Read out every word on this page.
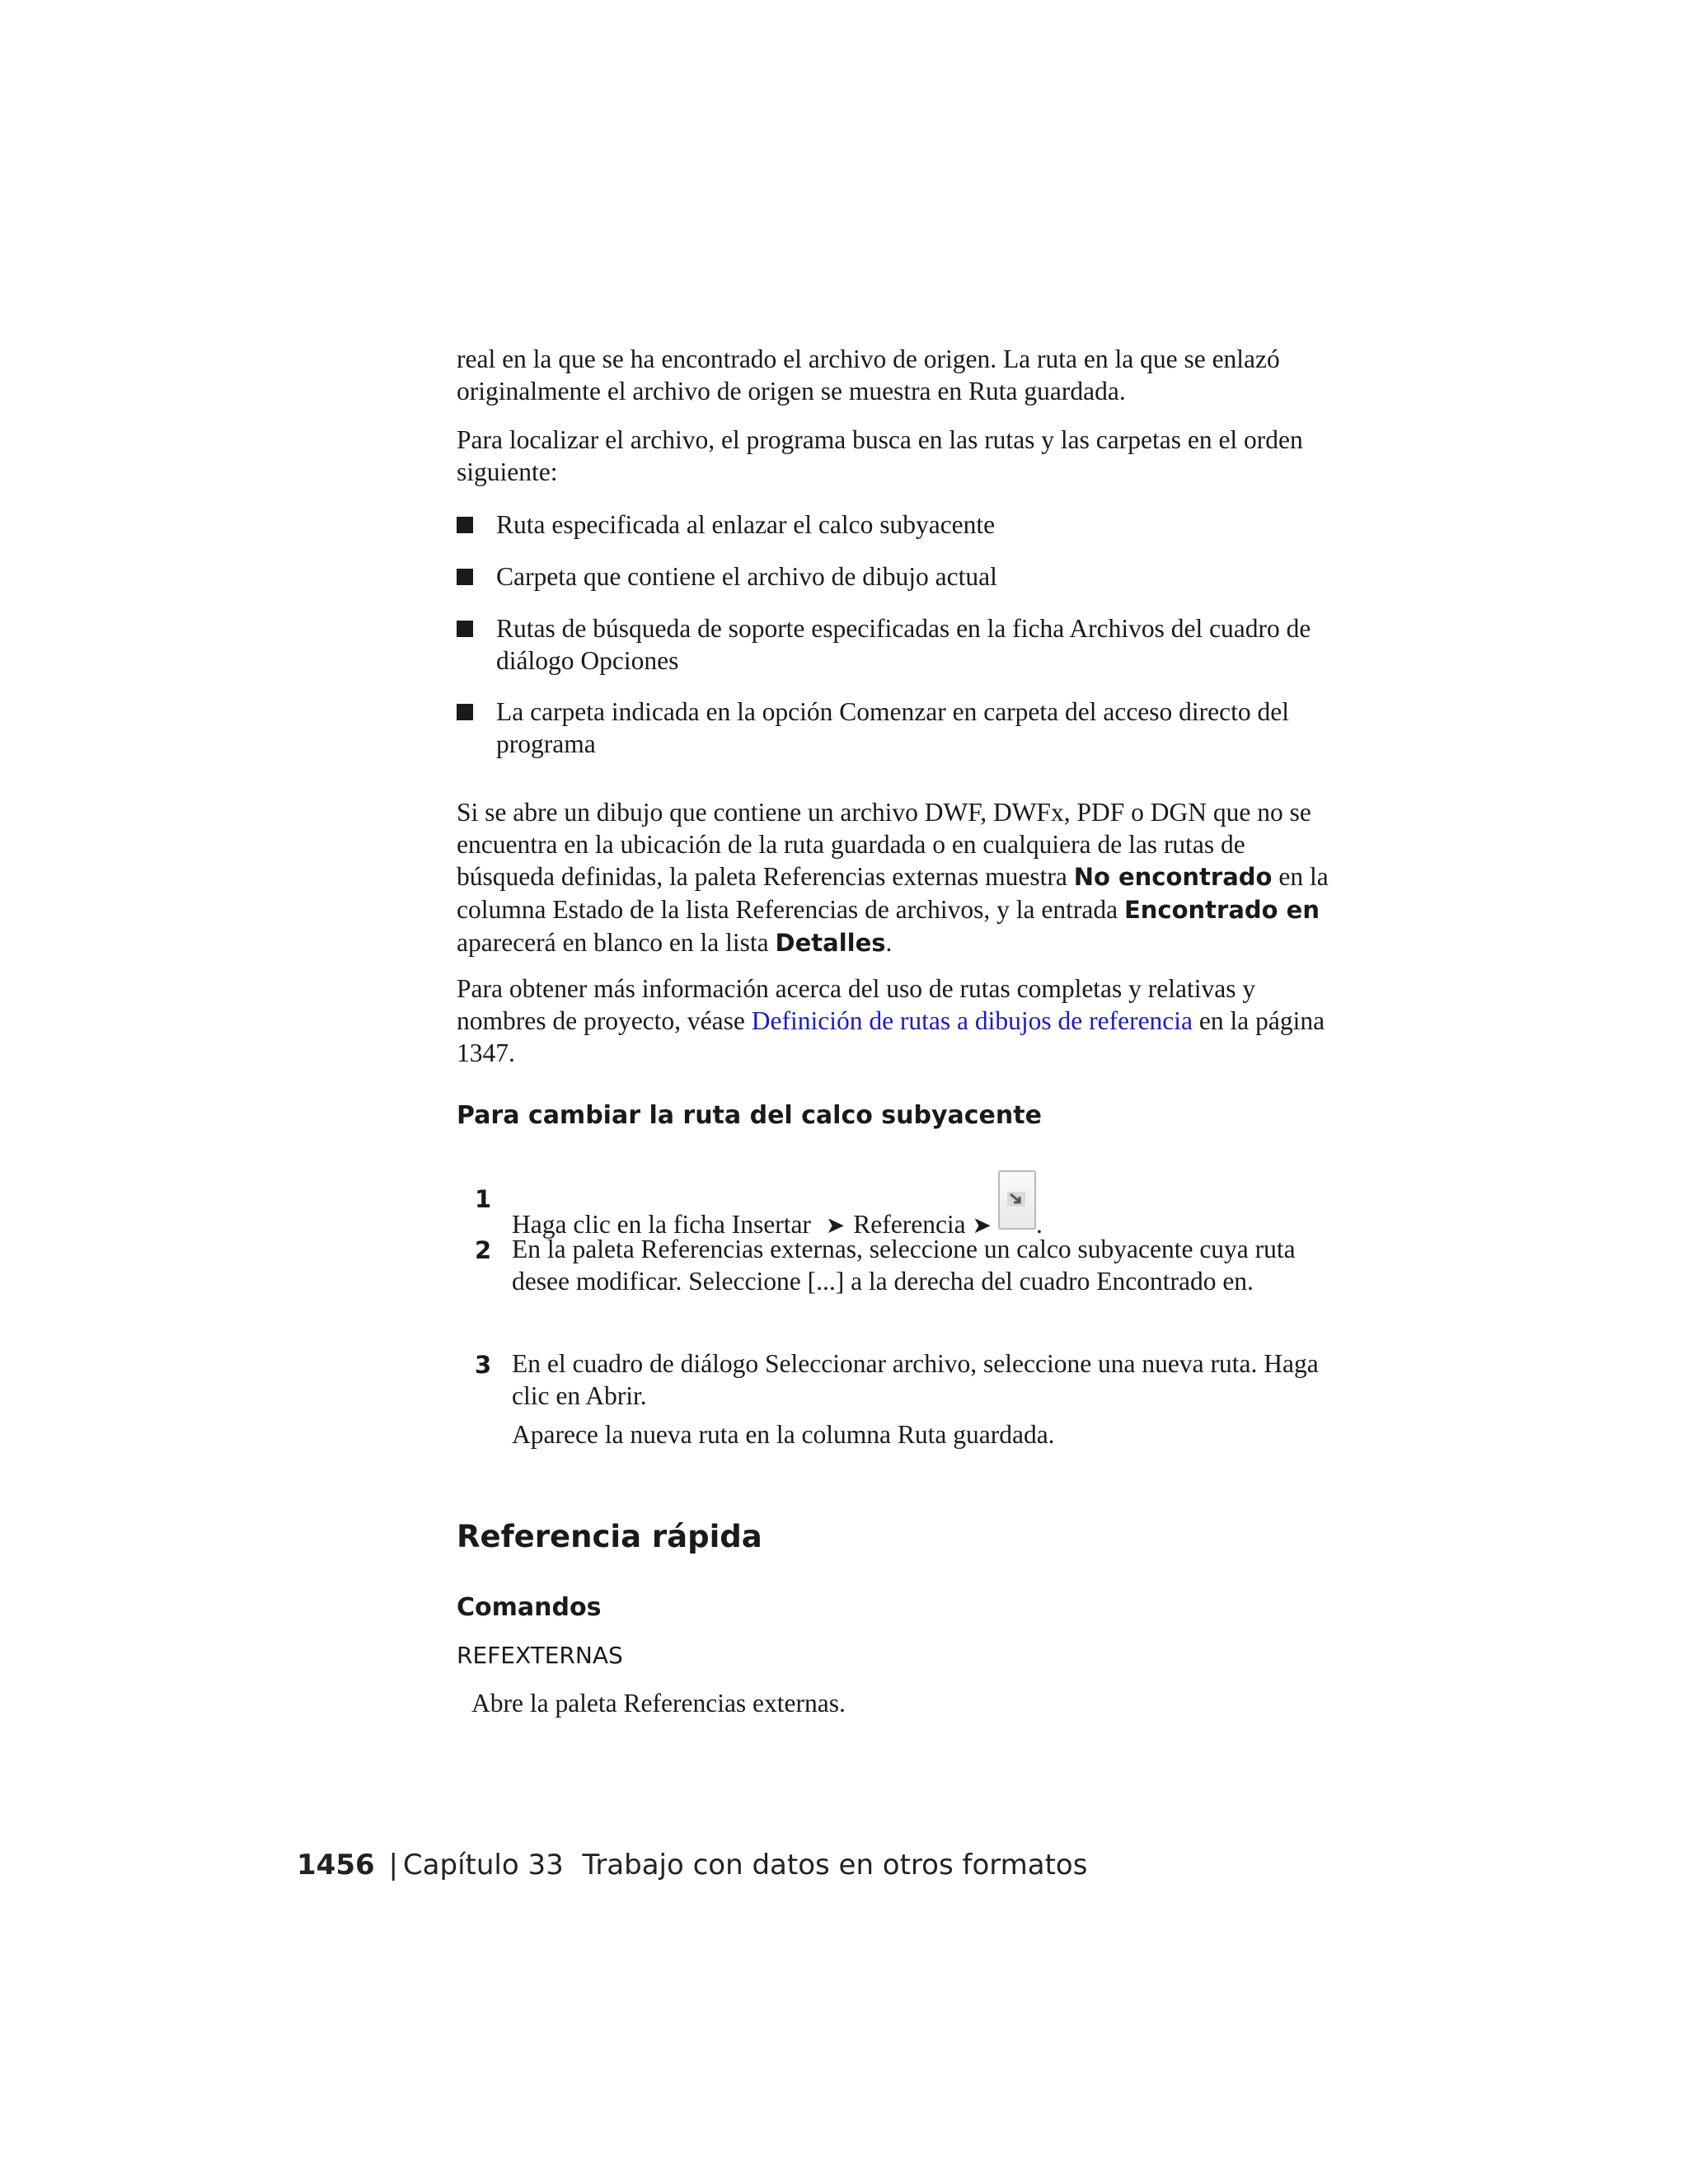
real en la que se ha encontrado el archivo de origen. La ruta en la que se enlazó originalmente el archivo de origen se muestra en Ruta guardada.

Para localizar el archivo, el programa busca en las rutas y las carpetas en el orden siguiente:

Ruta especificada al enlazar el calco subyacente
Carpeta que contiene el archivo de dibujo actual
Rutas de búsqueda de soporte especificadas en la ficha Archivos del cuadro de diálogo Opciones
La carpeta indicada en la opción Comenzar en carpeta del acceso directo del programa

Si se abre un dibujo que contiene un archivo DWF, DWFx, PDF o DGN que no se encuentra en la ubicación de la ruta guardada o en cualquiera de las rutas de búsqueda definidas, la paleta Referencias externas muestra No encontrado en la columna Estado de la lista Referencias de archivos, y la entrada Encontrado en aparecerá en blanco en la lista Detalles.

Para obtener más información acerca del uso de rutas completas y relativas y nombres de proyecto, véase Definición de rutas a dibujos de referencia en la página 1347.

Para cambiar la ruta del calco subyacente
1
Haga clic en la ficha Insertar ➤ Referencia ➤ .
2 En la paleta Referencias externas, seleccione un calco subyacente cuya ruta desee modificar. Seleccione [...] a la derecha del cuadro Encontrado en.
3 En el cuadro de diálogo Seleccionar archivo, seleccione una nueva ruta. Haga clic en Abrir.
Aparece la nueva ruta en la columna Ruta guardada.
Referencia rápida
Comandos
REFEXTERNAS
Abre la paleta Referencias externas.
1456 | Capítulo 33 Trabajo con datos en otros formatos
